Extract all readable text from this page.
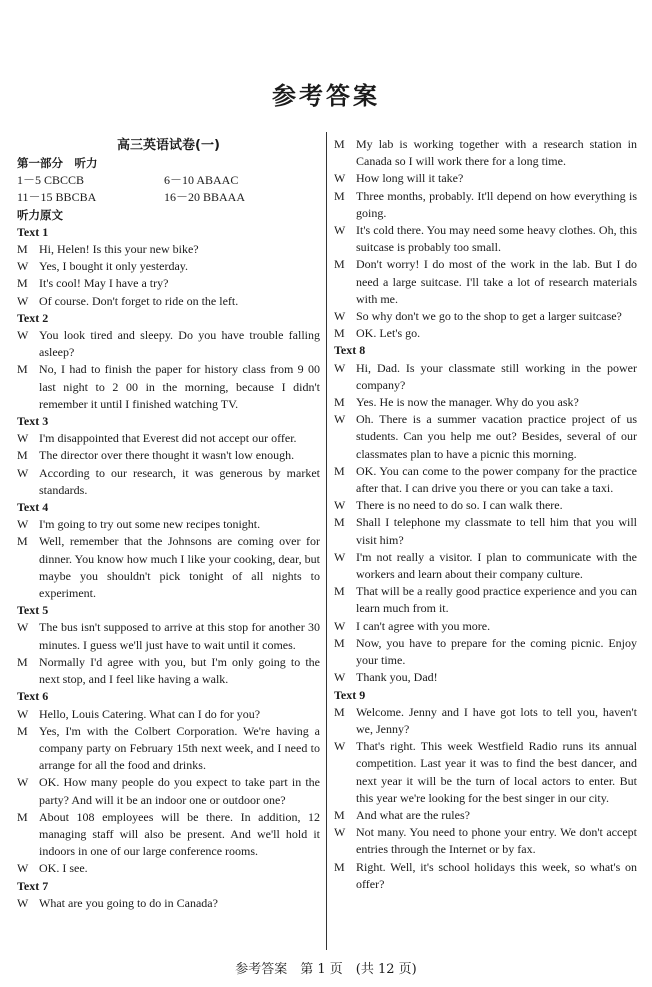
参考答案
高三英语试卷(一)
第一部分　听力
1－5 CBCCB	6－10 ABAAC
11－15 BBCBA	16－20 BBAAA
听力原文
Text 1
M Hi, Helen! Is this your new bike?
W Yes, I bought it only yesterday.
M It's cool! May I have a try?
W Of course. Don't forget to ride on the left.
Text 2
W You look tired and sleepy. Do you have trouble falling asleep?
M No, I had to finish the paper for history class from 9 00 last night to 2 00 in the morning, because I didn't remember it until I finished watching TV.
Text 3
W I'm disappointed that Everest did not accept our offer.
M The director over there thought it wasn't low enough.
W According to our research, it was generous by market standards.
Text 4
W I'm going to try out some new recipes tonight.
M Well, remember that the Johnsons are coming over for dinner. You know how much I like your cooking, dear, but maybe you shouldn't pick tonight of all nights to experiment.
Text 5
W The bus isn't supposed to arrive at this stop for another 30 minutes. I guess we'll just have to wait until it comes.
M Normally I'd agree with you, but I'm only going to the next stop, and I feel like having a walk.
Text 6
W Hello, Louis Catering. What can I do for you?
M Yes, I'm with the Colbert Corporation. We're having a company party on February 15th next week, and I need to arrange for all the food and drinks.
W OK. How many people do you expect to take part in the party? And will it be an indoor one or outdoor one?
M About 108 employees will be there. In addition, 12 managing staff will also be present. And we'll hold it indoors in one of our large conference rooms.
W OK. I see.
Text 7
W What are you going to do in Canada?
M My lab is working together with a research station in Canada so I will work there for a long time.
W How long will it take?
M Three months, probably. It'll depend on how everything is going.
W It's cold there. You may need some heavy clothes. Oh, this suitcase is probably too small.
M Don't worry! I do most of the work in the lab. But I do need a large suitcase. I'll take a lot of research materials with me.
W So why don't we go to the shop to get a larger suitcase?
M OK. Let's go.
Text 8
W Hi, Dad. Is your classmate still working in the power company?
M Yes. He is now the manager. Why do you ask?
W Oh. There is a summer vacation practice project of us students. Can you help me out? Besides, several of our classmates plan to have a picnic this morning.
M OK. You can come to the power company for the practice after that. I can drive you there or you can take a taxi.
W There is no need to do so. I can walk there.
M Shall I telephone my classmate to tell him that you will visit him?
W I'm not really a visitor. I plan to communicate with the workers and learn about their company culture.
M That will be a really good practice experience and you can learn much from it.
W I can't agree with you more.
M Now, you have to prepare for the coming picnic. Enjoy your time.
W Thank you, Dad!
Text 9
M Welcome. Jenny and I have got lots to tell you, haven't we, Jenny?
W That's right. This week Westfield Radio runs its annual competition. Last year it was to find the best dancer, and next year it will be the turn of local actors to enter. But this year we're looking for the best singer in our city.
M And what are the rules?
W Not many. You need to phone your entry. We don't accept entries through the Internet or by fax.
M Right. Well, it's school holidays this week, so what's on offer?
参考答案　第 1 页　(共 12 页)
